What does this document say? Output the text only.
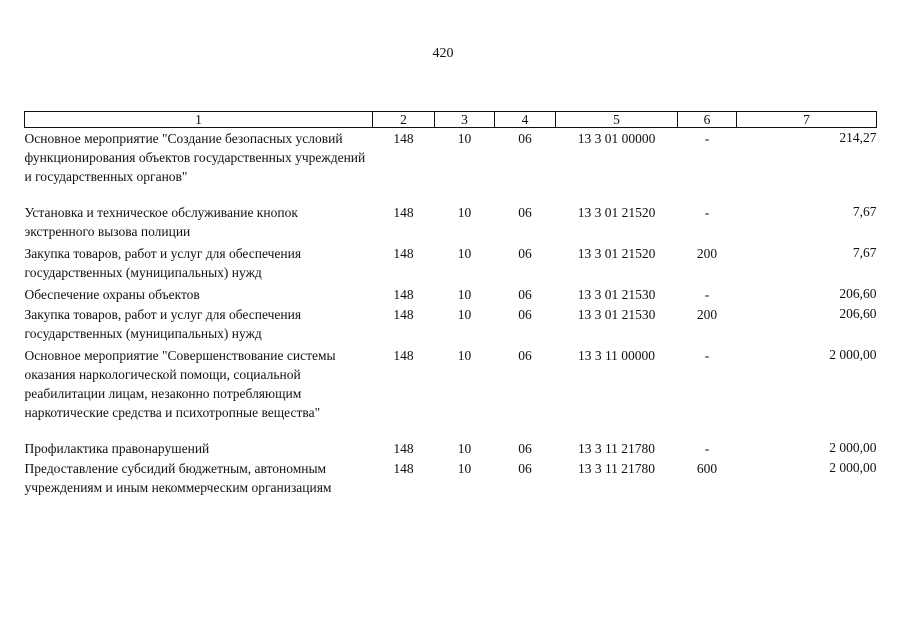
420
1	2	3	4	5	6	7
Основное мероприятие "Создание безопасных условий функционирования объектов государственных учреждений и государственных органов"	148	10	06	13 3 01 00000	-	214,27
Установка и техническое обслуживание кнопок экстренного вызова полиции	148	10	06	13 3 01 21520	-	7,67
Закупка товаров, работ и услуг для обеспечения государственных (муниципальных) нужд	148	10	06	13 3 01 21520	200	7,67
Обеспечение охраны объектов	148	10	06	13 3 01 21530	-	206,60
Закупка товаров, работ и услуг для обеспечения государственных (муниципальных) нужд	148	10	06	13 3 01 21530	200	206,60
Основное мероприятие "Совершенствование системы оказания наркологической помощи, социальной реабилитации лицам, незаконно потребляющим наркотические средства и психотропные вещества"	148	10	06	13 3 11 00000	-	2 000,00
Профилактика правонарушений	148	10	06	13 3 11 21780	-	2 000,00
Предоставление субсидий бюджетным, автономным учреждениям и иным некоммерческим организациям	148	10	06	13 3 11 21780	600	2 000,00
